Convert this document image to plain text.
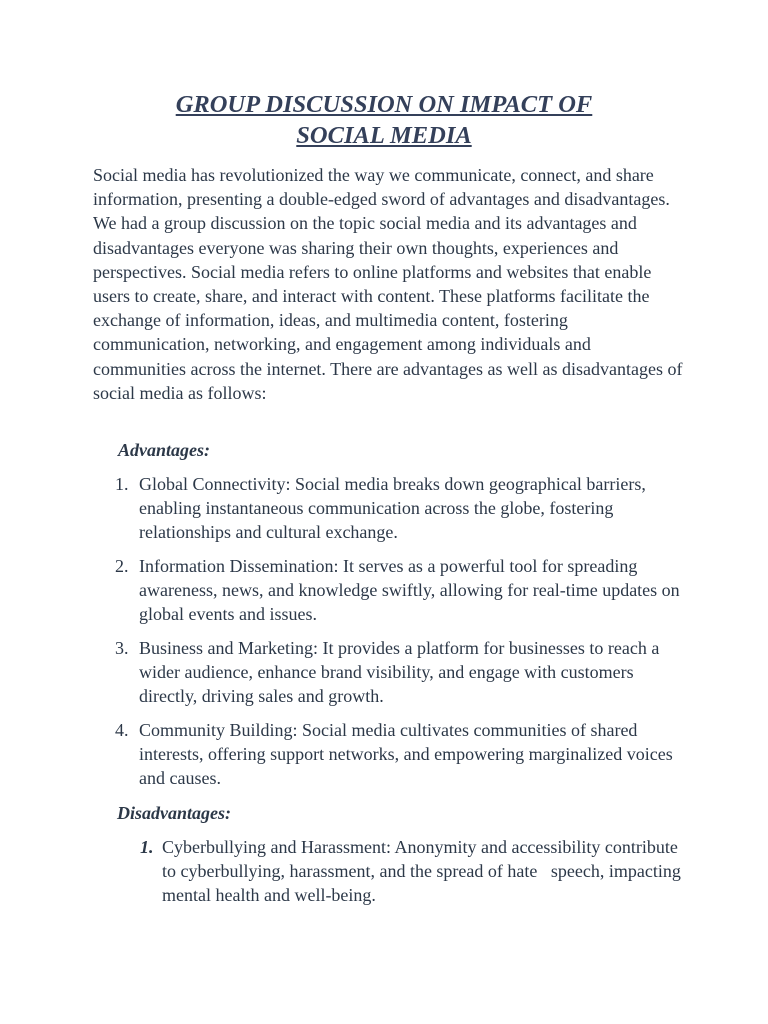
GROUP DISCUSSION ON IMPACT OF
SOCIAL MEDIA

Social media has revolutionized the way we communicate, connect, and share information, presenting a double-edged sword of advantages and disadvantages. We had a group discussion on the topic social media and its advantages and disadvantages everyone was sharing their own thoughts, experiences and perspectives. Social media refers to online platforms and websites that enable users to create, share, and interact with content. These platforms facilitate the exchange of information, ideas, and multimedia content, fostering communication, networking, and engagement among individuals and communities across the internet. There are advantages as well as disadvantages of social media as follows:

Advantages:

1. Global Connectivity: Social media breaks down geographical barriers, enabling instantaneous communication across the globe, fostering relationships and cultural exchange.

2. Information Dissemination: It serves as a powerful tool for spreading awareness, news, and knowledge swiftly, allowing for real-time updates on global events and issues.

3. Business and Marketing: It provides a platform for businesses to reach a wider audience, enhance brand visibility, and engage with customers directly, driving sales and growth.

4. Community Building: Social media cultivates communities of shared interests, offering support networks, and empowering marginalized voices and causes.

Disadvantages:

1. Cyberbullying and Harassment: Anonymity and accessibility contribute to cyberbullying, harassment, and the spread of hate   speech, impacting mental health and well-being.
